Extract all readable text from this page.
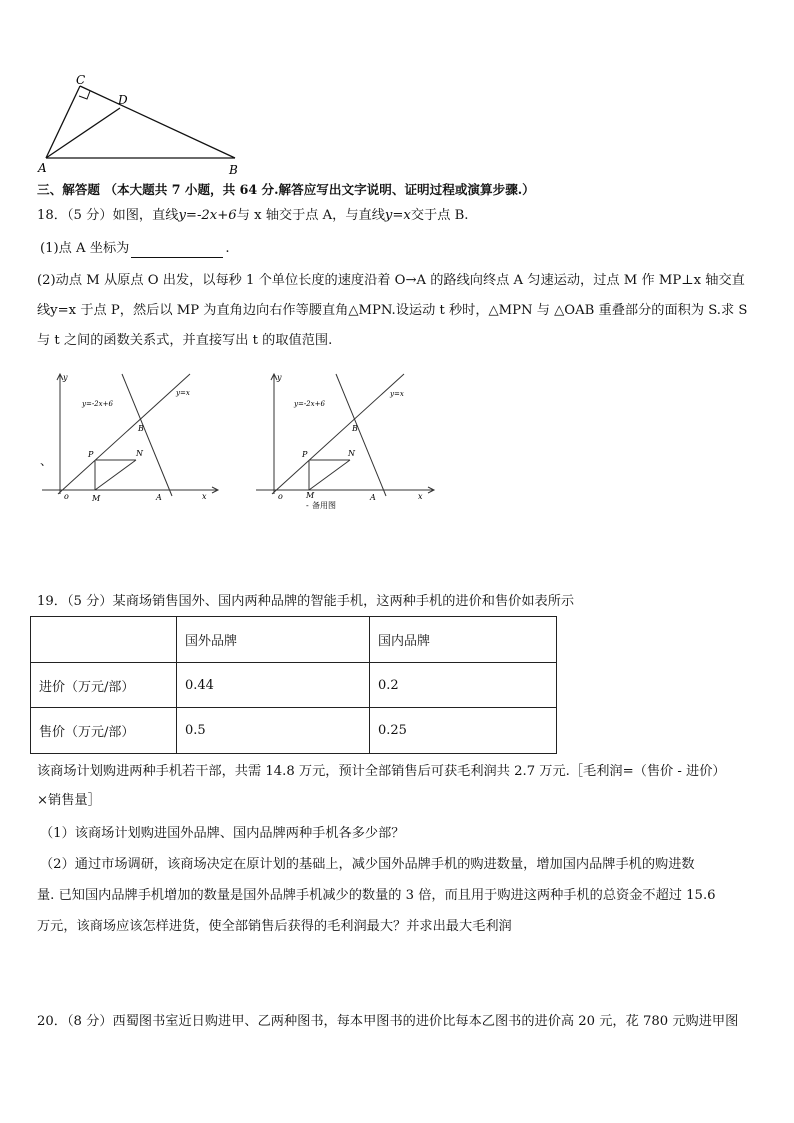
C
D
A	B
三、解答题 （本大题共 7 小题，共 64 分.解答应写出文字说明、证明过程或演算步骤.）
18．（5 分）如图，直线y=-2x+6与 x 轴交于点 A，与直线y=x交于点 B.
(1)点 A 坐标为	.
(2)动点 M 从原点 O 出发，以每秒 1 个单位长度的速度沿着 O→A 的路线向终点 A 匀速运动，过点 M 作 MP⊥x 轴交直
线y=x 于点 P，然后以 MP 为直角边向右作等腰直角△MPN.设运动 t 秒时，△MPN 与 △OAB 重叠部分的面积为 S.求 S
与 t 之间的函数关系式，并直接写出 t 的取值范围.
、
y
x
y=-2x+6
y=x
o	M	A
P	N
B
y
x
y=-2x+6
y=x
o	M	A
P	N
B
- 备用图
19．（5 分）某商场销售国外、国内两种品牌的智能手机，这两种手机的进价和售价如表所示
	国外品牌	国内品牌
进价（万元/部）	0.44	0.2
售价（万元/部）	0.5	0.25
该商场计划购进两种手机若干部，共需 14.8 万元，预计全部销售后可获毛利润共 2.7 万元.［毛利润=（售价 - 进价）
×销售量］
（1）该商场计划购进国外品牌、国内品牌两种手机各多少部？
（2）通过市场调研，该商场决定在原计划的基础上，减少国外品牌手机的购进数量，增加国内品牌手机的购进数
量. 已知国内品牌手机增加的数量是国外品牌手机减少的数量的 3 倍，而且用于购进这两种手机的总资金不超过 15.6
万元，该商场应该怎样进货，使全部销售后获得的毛利润最大？并求出最大毛利润
20．（8 分）西蜀图书室近日购进甲、乙两种图书，每本甲图书的进价比每本乙图书的进价高 20 元，花 780 元购进甲图
